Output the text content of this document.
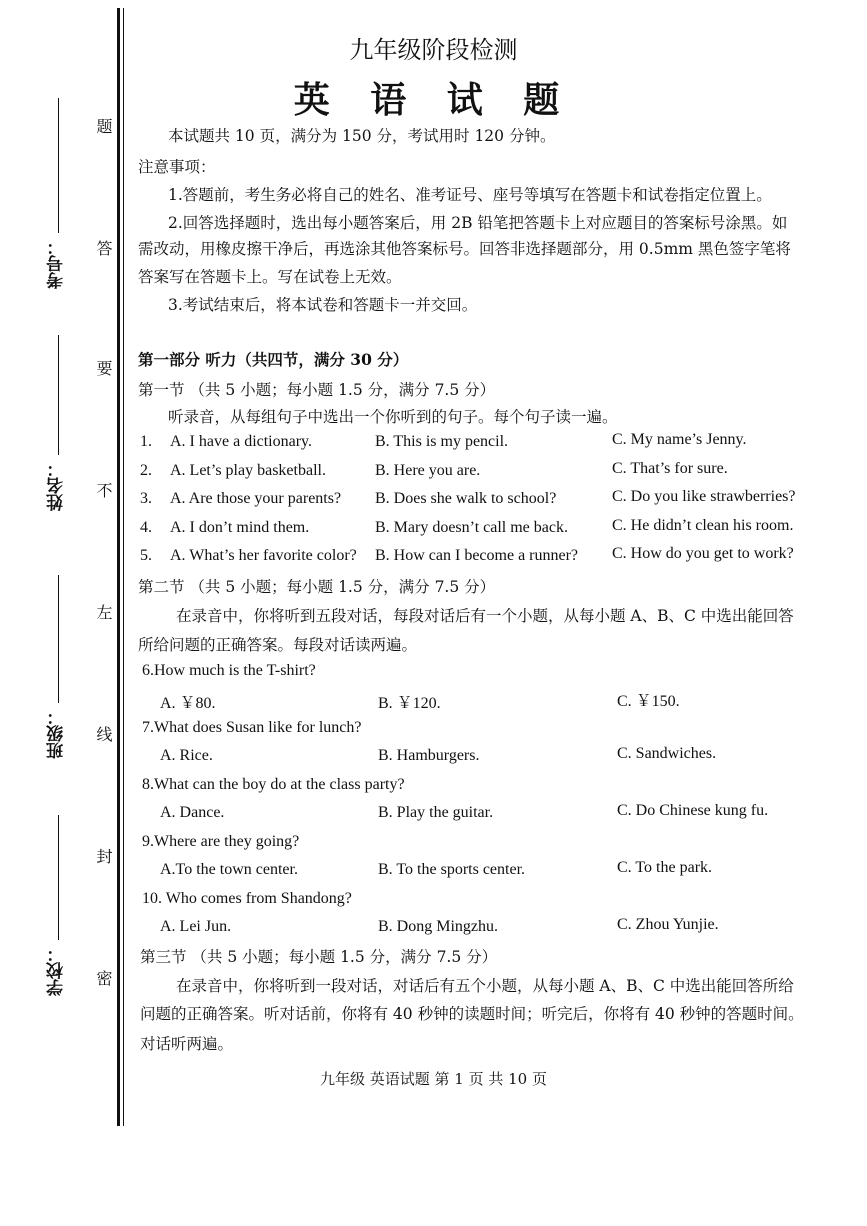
考号：
姓名：
班级：
学校：
题
答
要
不
左
线
封
密
九年级阶段检测
英 语 试 题
本试题共 10 页，满分为 150 分，考试用时 120 分钟。
注意事项：
1.答题前，考生务必将自己的姓名、准考证号、座号等填写在答题卡和试卷指定位置上。
2.回答选择题时，选出每小题答案后，用 2B 铅笔把答题卡上对应题目的答案标号涂黑。如
需改动，用橡皮擦干净后，再选涂其他答案标号。回答非选择题部分，用 0.5mm 黑色签字笔将
答案写在答题卡上。写在试卷上无效。
3.考试结束后，将本试卷和答题卡一并交回。
第一部分 听力（共四节，满分 30 分）
第一节 （共 5 小题；每小题 1.5 分，满分 7.5 分）
听录音，从每组句子中选出一个你听到的句子。每个句子读一遍。
1. A. I have a dictionary.	B. This is my pencil.	C. My name’s Jenny.
2. A. Let’s play basketball.	B. Here you are.	C. That’s for sure.
3. A. Are those your parents? B. Does she walk to school?	C. Do you like strawberries?
4. A. I don’t mind them.	B. Mary doesn’t call me back.	C. He didn’t clean his room.
5. A. What’s her favorite color? B. How can I become a runner? C. How do you get to work?
第二节 （共 5 小题；每小题 1.5 分，满分 7.5 分）
在录音中，你将听到五段对话，每段对话后有一个小题，从每小题 A、B、C 中选出能回答
所给问题的正确答案。每段对话读两遍。
6.How much is the T-shirt?
A. ￥80.	B. ￥120.	C. ￥150.
7.What does Susan like for lunch?
A. Rice.	B. Hamburgers.	C. Sandwiches.
8.What can the boy do at the class party?
A. Dance.	B. Play the guitar.	C. Do Chinese kung fu.
9.Where are they going?
A.To the town center.	B. To the sports center.	C. To the park.
10. Who comes from Shandong?
A. Lei Jun.	B. Dong Mingzhu.	C. Zhou Yunjie.
第三节 （共 5 小题；每小题 1.5 分，满分 7.5 分）
在录音中，你将听到一段对话，对话后有五个小题，从每小题 A、B、C 中选出能回答所给
问题的正确答案。听对话前，你将有 40 秒钟的读题时间；听完后，你将有 40 秒钟的答题时间。
对话听两遍。
九年级 英语试题 第 1 页 共 10 页
